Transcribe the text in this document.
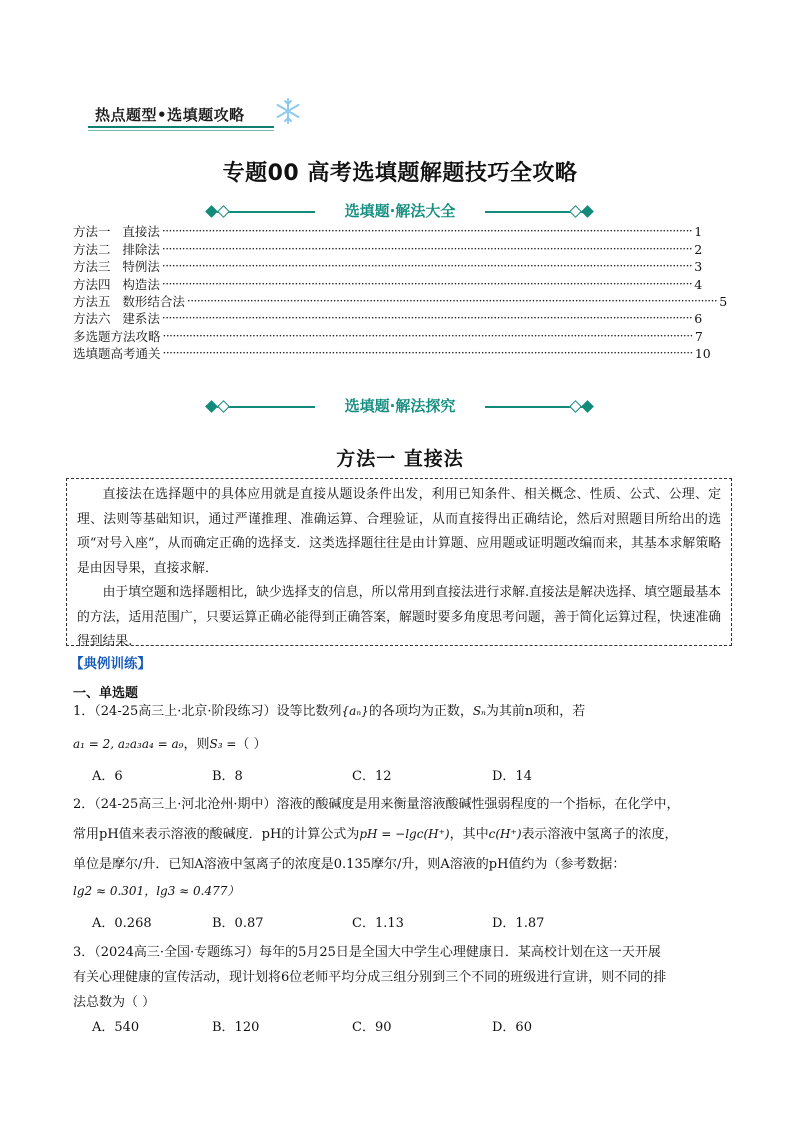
热点题型•选填题攻略
专题00 高考选填题解题技巧全攻略
选填题·解法大全
方法一   直接法 ································································································································································ 1
方法二   排除法 ································································································································································ 2
方法三   特例法 ································································································································································ 3
方法四   构造法 ································································································································································ 4
方法五   数形结合法 ································································································································································ 5
方法六   建系法 ································································································································································ 6
多选题方法攻略 ································································································································································ 7
选填题高考通关 ································································································································································ 10
选填题·解法探究
方法一 直接法

直接法在选择题中的具体应用就是直接从题设条件出发，利用已知条件、相关概念、性质、公式、公理、定理、法则等基础知识，通过严谨推理、准确运算、合理验证，从而直接得出正确结论，然后对照题目所给出的选项“对号入座”，从而确定正确的选择支．这类选择题往往是由计算题、应用题或证明题改编而来，其基本求解策略是由因导果，直接求解．

由于填空题和选择题相比，缺少选择支的信息，所以常用到直接法进行求解.直接法是解决选择、填空题最基本的方法，适用范围广，只要运算正确必能得到正确答案，解题时要多角度思考问题，善于简化运算过程，快速准确得到结果.

【典例训练】
一、单选题
1．（24-25高三上·北京·阶段练习）设等比数列{aₙ}的各项均为正数，Sₙ为其前n项和，若
a₁ = 2, a₂a₃a₄ = a₉，则S₃ =（ ）
A．6	B．8	C．12	D．14
2．（24-25高三上·河北沧州·期中）溶液的酸碱度是用来衡量溶液酸碱性强弱程度的一个指标，在化学中，
常用pH值来表示溶液的酸碱度．pH的计算公式为pH = −lgc(H⁺)，其中c(H⁺)表示溶液中氢离子的浓度，
单位是摩尔/升．已知A溶液中氢离子的浓度是0.135摩尔/升，则A溶液的pH值约为（参考数据：
lg2 ≈ 0.301，lg3 ≈ 0.477）
A．0.268	B．0.87	C．1.13	D．1.87
3．（2024高三·全国·专题练习）每年的5月25日是全国大中学生心理健康日．某高校计划在这一天开展
有关心理健康的宣传活动，现计划将6位老师平均分成三组分别到三个不同的班级进行宣讲，则不同的排
法总数为（ ）
A．540	B．120	C．90	D．60
